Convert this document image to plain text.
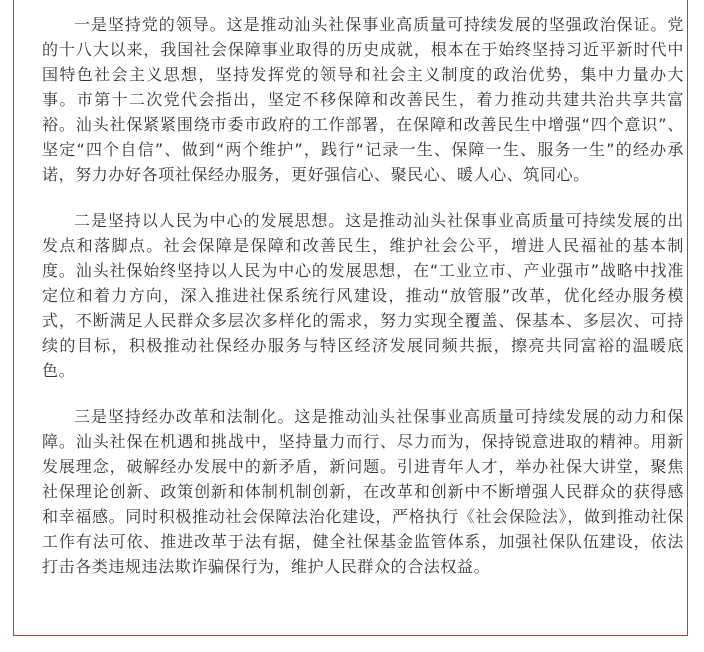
一是坚持党的领导。这是推动汕头社保事业高质量可持续发展的坚强政治保证。党的十八大以来，我国社会保障事业取得的历史成就，根本在于始终坚持习近平新时代中国特色社会主义思想，坚持发挥党的领导和社会主义制度的政治优势，集中力量办大事。市第十二次党代会指出，坚定不移保障和改善民生，着力推动共建共治共享共富裕。汕头社保紧紧围绕市委市政府的工作部署，在保障和改善民生中增强“四个意识”、坚定“四个自信”、做到“两个维护”，践行“记录一生、保障一生、服务一生”的经办承诺，努力办好各项社保经办服务，更好强信心、聚民心、暖人心、筑同心。

二是坚持以人民为中心的发展思想。这是推动汕头社保事业高质量可持续发展的出发点和落脚点。社会保障是保障和改善民生，维护社会公平，增进人民福祉的基本制度。汕头社保始终坚持以人民为中心的发展思想，在“工业立市、产业强市”战略中找准定位和着力方向，深入推进社保系统行风建设，推动“放管服”改革，优化经办服务模式，不断满足人民群众多层次多样化的需求，努力实现全覆盖、保基本、多层次、可持续的目标，积极推动社保经办服务与特区经济发展同频共振，擦亮共同富裕的温暖底色。

三是坚持经办改革和法制化。这是推动汕头社保事业高质量可持续发展的动力和保障。汕头社保在机遇和挑战中，坚持量力而行、尽力而为，保持锐意进取的精神。用新发展理念，破解经办发展中的新矛盾，新问题。引进青年人才，举办社保大讲堂，聚焦社保理论创新、政策创新和体制机制创新，在改革和创新中不断增强人民群众的获得感和幸福感。同时积极推动社会保障法治化建设，严格执行《社会保险法》，做到推动社保工作有法可依、推进改革于法有据，健全社保基金监管体系，加强社保队伍建设，依法打击各类违规违法欺诈骗保行为，维护人民群众的合法权益。
